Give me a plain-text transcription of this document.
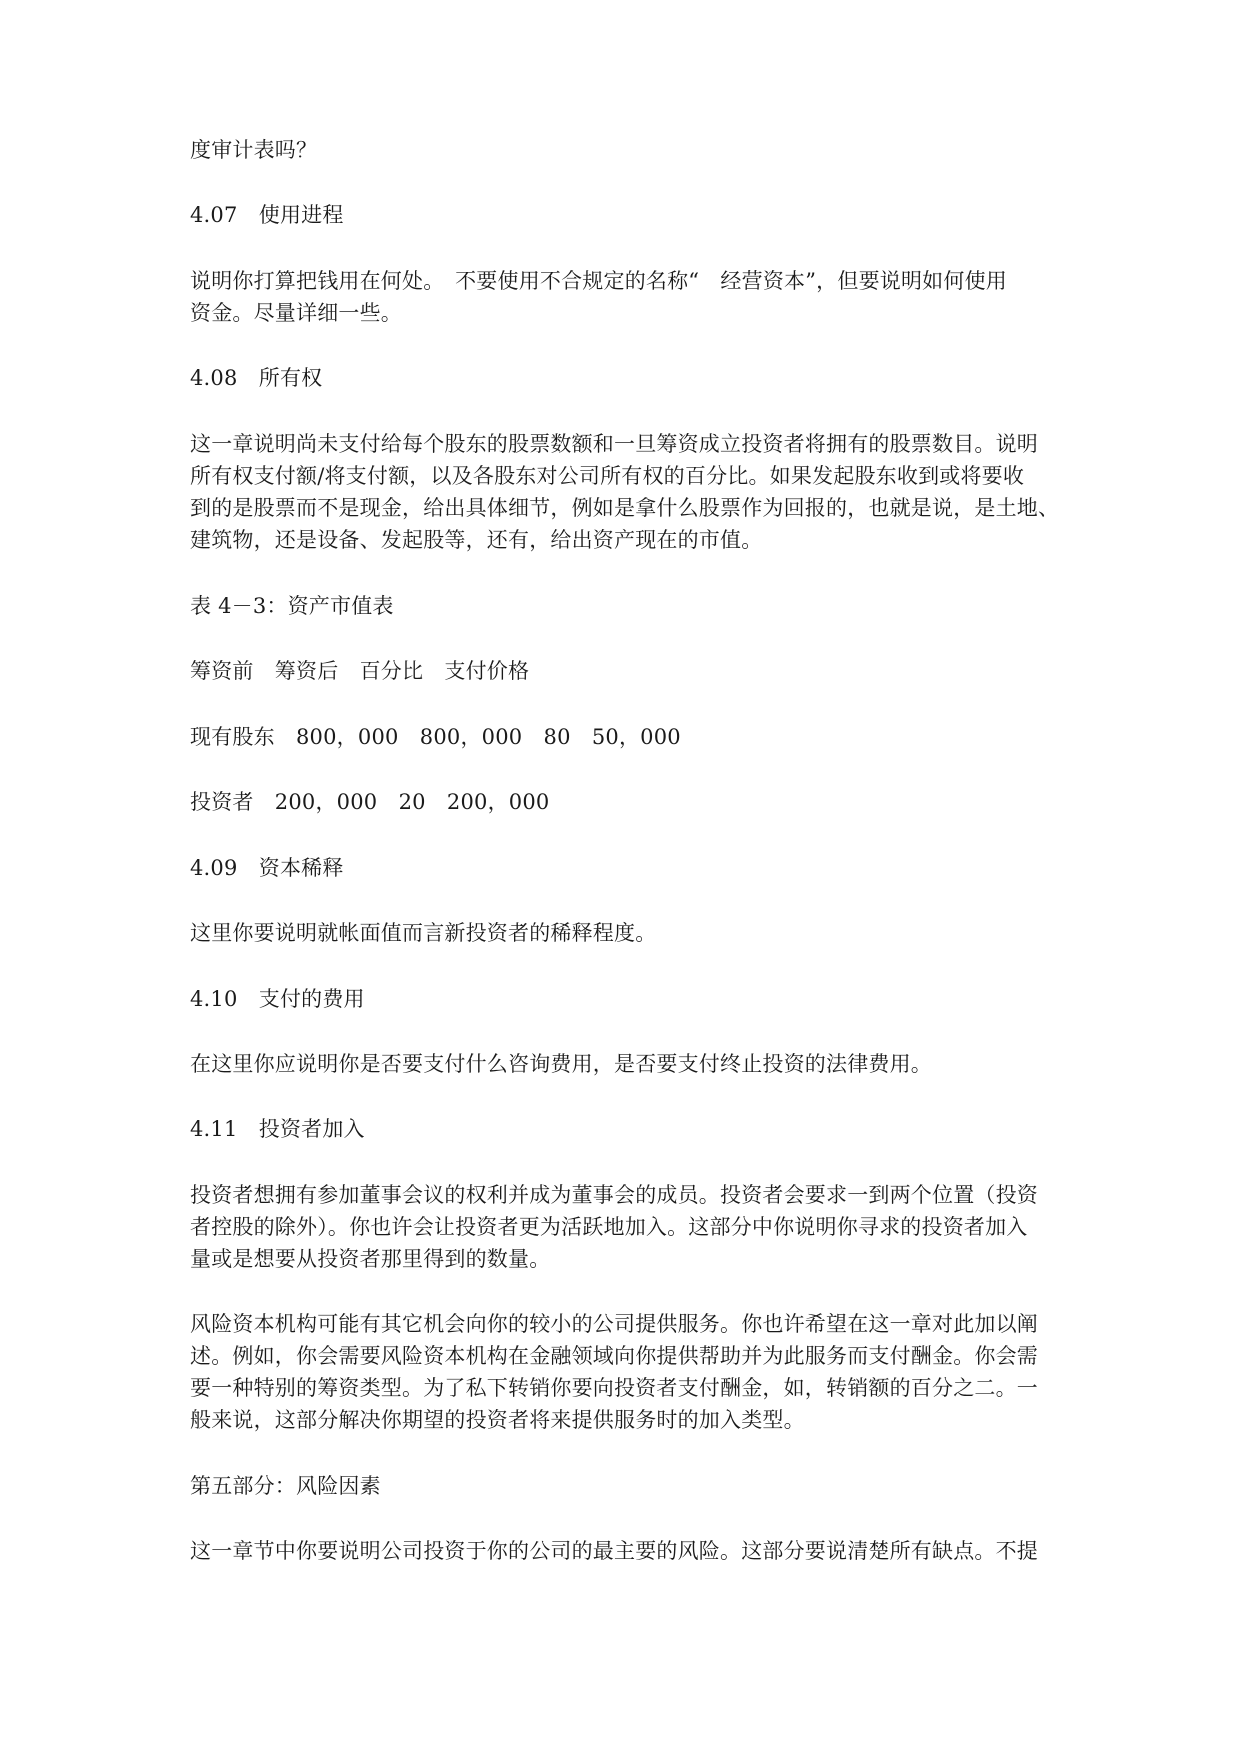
度审计表吗？

4.07　使用进程

说明你打算把钱用在何处。　不要使用不合规定的名称“　经营资本”，但要说明如何使用

资金。尽量详细一些。

4.08　所有权

这一章说明尚未支付给每个股东的股票数额和一旦筹资成立投资者将拥有的股票数目。说明

所有权支付额/将支付额，以及各股东对公司所有权的百分比。如果发起股东收到或将要收

到的是股票而不是现金，给出具体细节，例如是拿什么股票作为回报的，也就是说，是土地、

建筑物，还是设备、发起股等，还有，给出资产现在的市值。

表 4－3：资产市值表

筹资前　筹资后　百分比　支付价格

现有股东　800，000　800，000　80　50，000

投资者　200，000　20　200，000

4.09　资本稀释

这里你要说明就帐面值而言新投资者的稀释程度。

4.10　支付的费用

在这里你应说明你是否要支付什么咨询费用，是否要支付终止投资的法律费用。

4.11　投资者加入

投资者想拥有参加董事会议的权利并成为董事会的成员。投资者会要求一到两个位置（投资

者控股的除外）。你也许会让投资者更为活跃地加入。这部分中你说明你寻求的投资者加入

量或是想要从投资者那里得到的数量。

风险资本机构可能有其它机会向你的较小的公司提供服务。你也许希望在这一章对此加以阐

述。例如，你会需要风险资本机构在金融领域向你提供帮助并为此服务而支付酬金。你会需

要一种特别的筹资类型。为了私下转销你要向投资者支付酬金，如，转销额的百分之二。一

般来说，这部分解决你期望的投资者将来提供服务时的加入类型。

第五部分：风险因素

这一章节中你要说明公司投资于你的公司的最主要的风险。这部分要说清楚所有缺点。不提
